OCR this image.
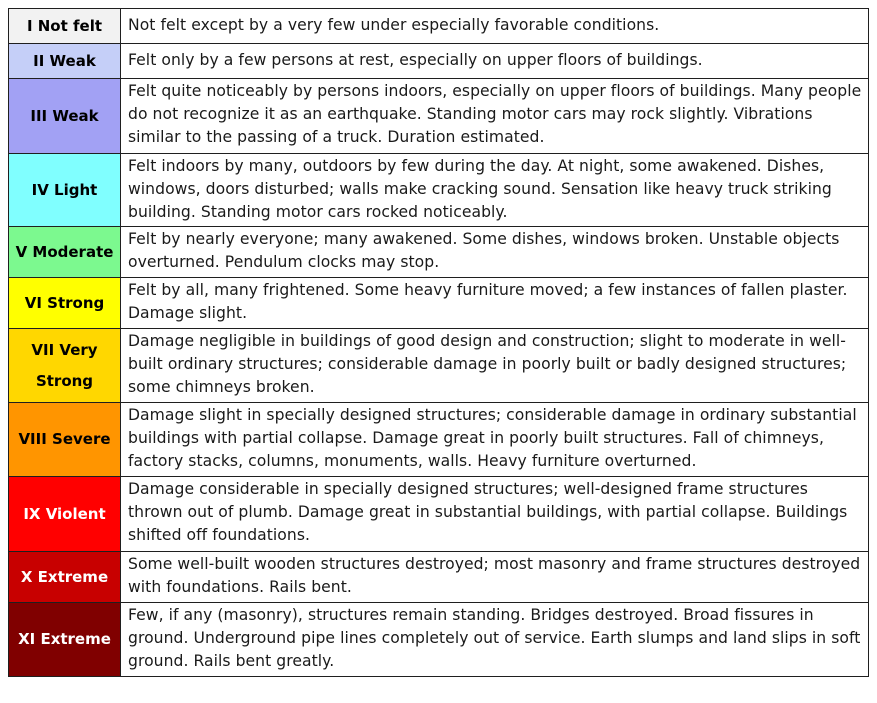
I Not felt	Not felt except by a very few under especially favorable conditions.
II Weak	Felt only by a few persons at rest, especially on upper floors of buildings.
III Weak	Felt quite noticeably by persons indoors, especially on upper floors of buildings. Many people do not recognize it as an earthquake. Standing motor cars may rock slightly. Vibrations similar to the passing of a truck. Duration estimated.
IV Light	Felt indoors by many, outdoors by few during the day. At night, some awakened. Dishes, windows, doors disturbed; walls make cracking sound. Sensation like heavy truck striking building. Standing motor cars rocked noticeably.
V Moderate	Felt by nearly everyone; many awakened. Some dishes, windows broken. Unstable objects overturned. Pendulum clocks may stop.
VI Strong	Felt by all, many frightened. Some heavy furniture moved; a few instances of fallen plaster. Damage slight.
VII Very Strong	Damage negligible in buildings of good design and construction; slight to moderate in well-built ordinary structures; considerable damage in poorly built or badly designed structures; some chimneys broken.
VIII Severe	Damage slight in specially designed structures; considerable damage in ordinary substantial buildings with partial collapse. Damage great in poorly built structures. Fall of chimneys, factory stacks, columns, monuments, walls. Heavy furniture overturned.
IX Violent	Damage considerable in specially designed structures; well-designed frame structures thrown out of plumb. Damage great in substantial buildings, with partial collapse. Buildings shifted off foundations.
X Extreme	Some well-built wooden structures destroyed; most masonry and frame structures destroyed with foundations. Rails bent.
XI Extreme	Few, if any (masonry), structures remain standing. Bridges destroyed. Broad fissures in ground. Underground pipe lines completely out of service. Earth slumps and land slips in soft ground. Rails bent greatly.
